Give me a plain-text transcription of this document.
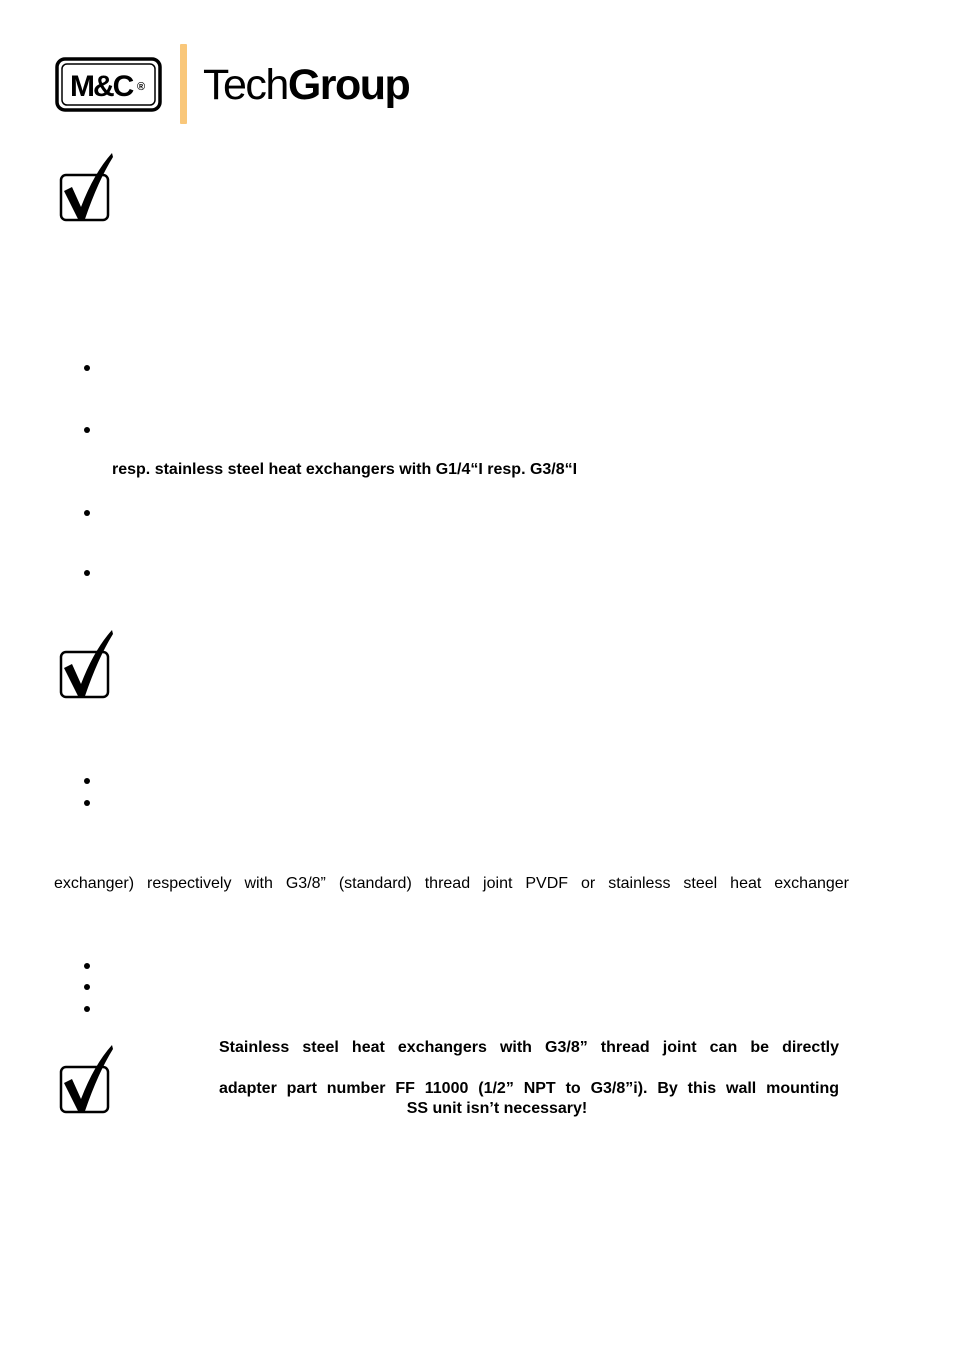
M&C ® TechGroup
resp. stainless steel heat exchangers with G1/4“I resp. G3/8“I
exchanger) respectively with G3/8” (standard) thread joint PVDF or stainless steel heat exchanger
Stainless steel heat exchangers with G3/8” thread joint can be directly
adapter part number FF 11000 (1/2” NPT to G3/8”i). By this wall mounting
SS unit isn’t necessary!
